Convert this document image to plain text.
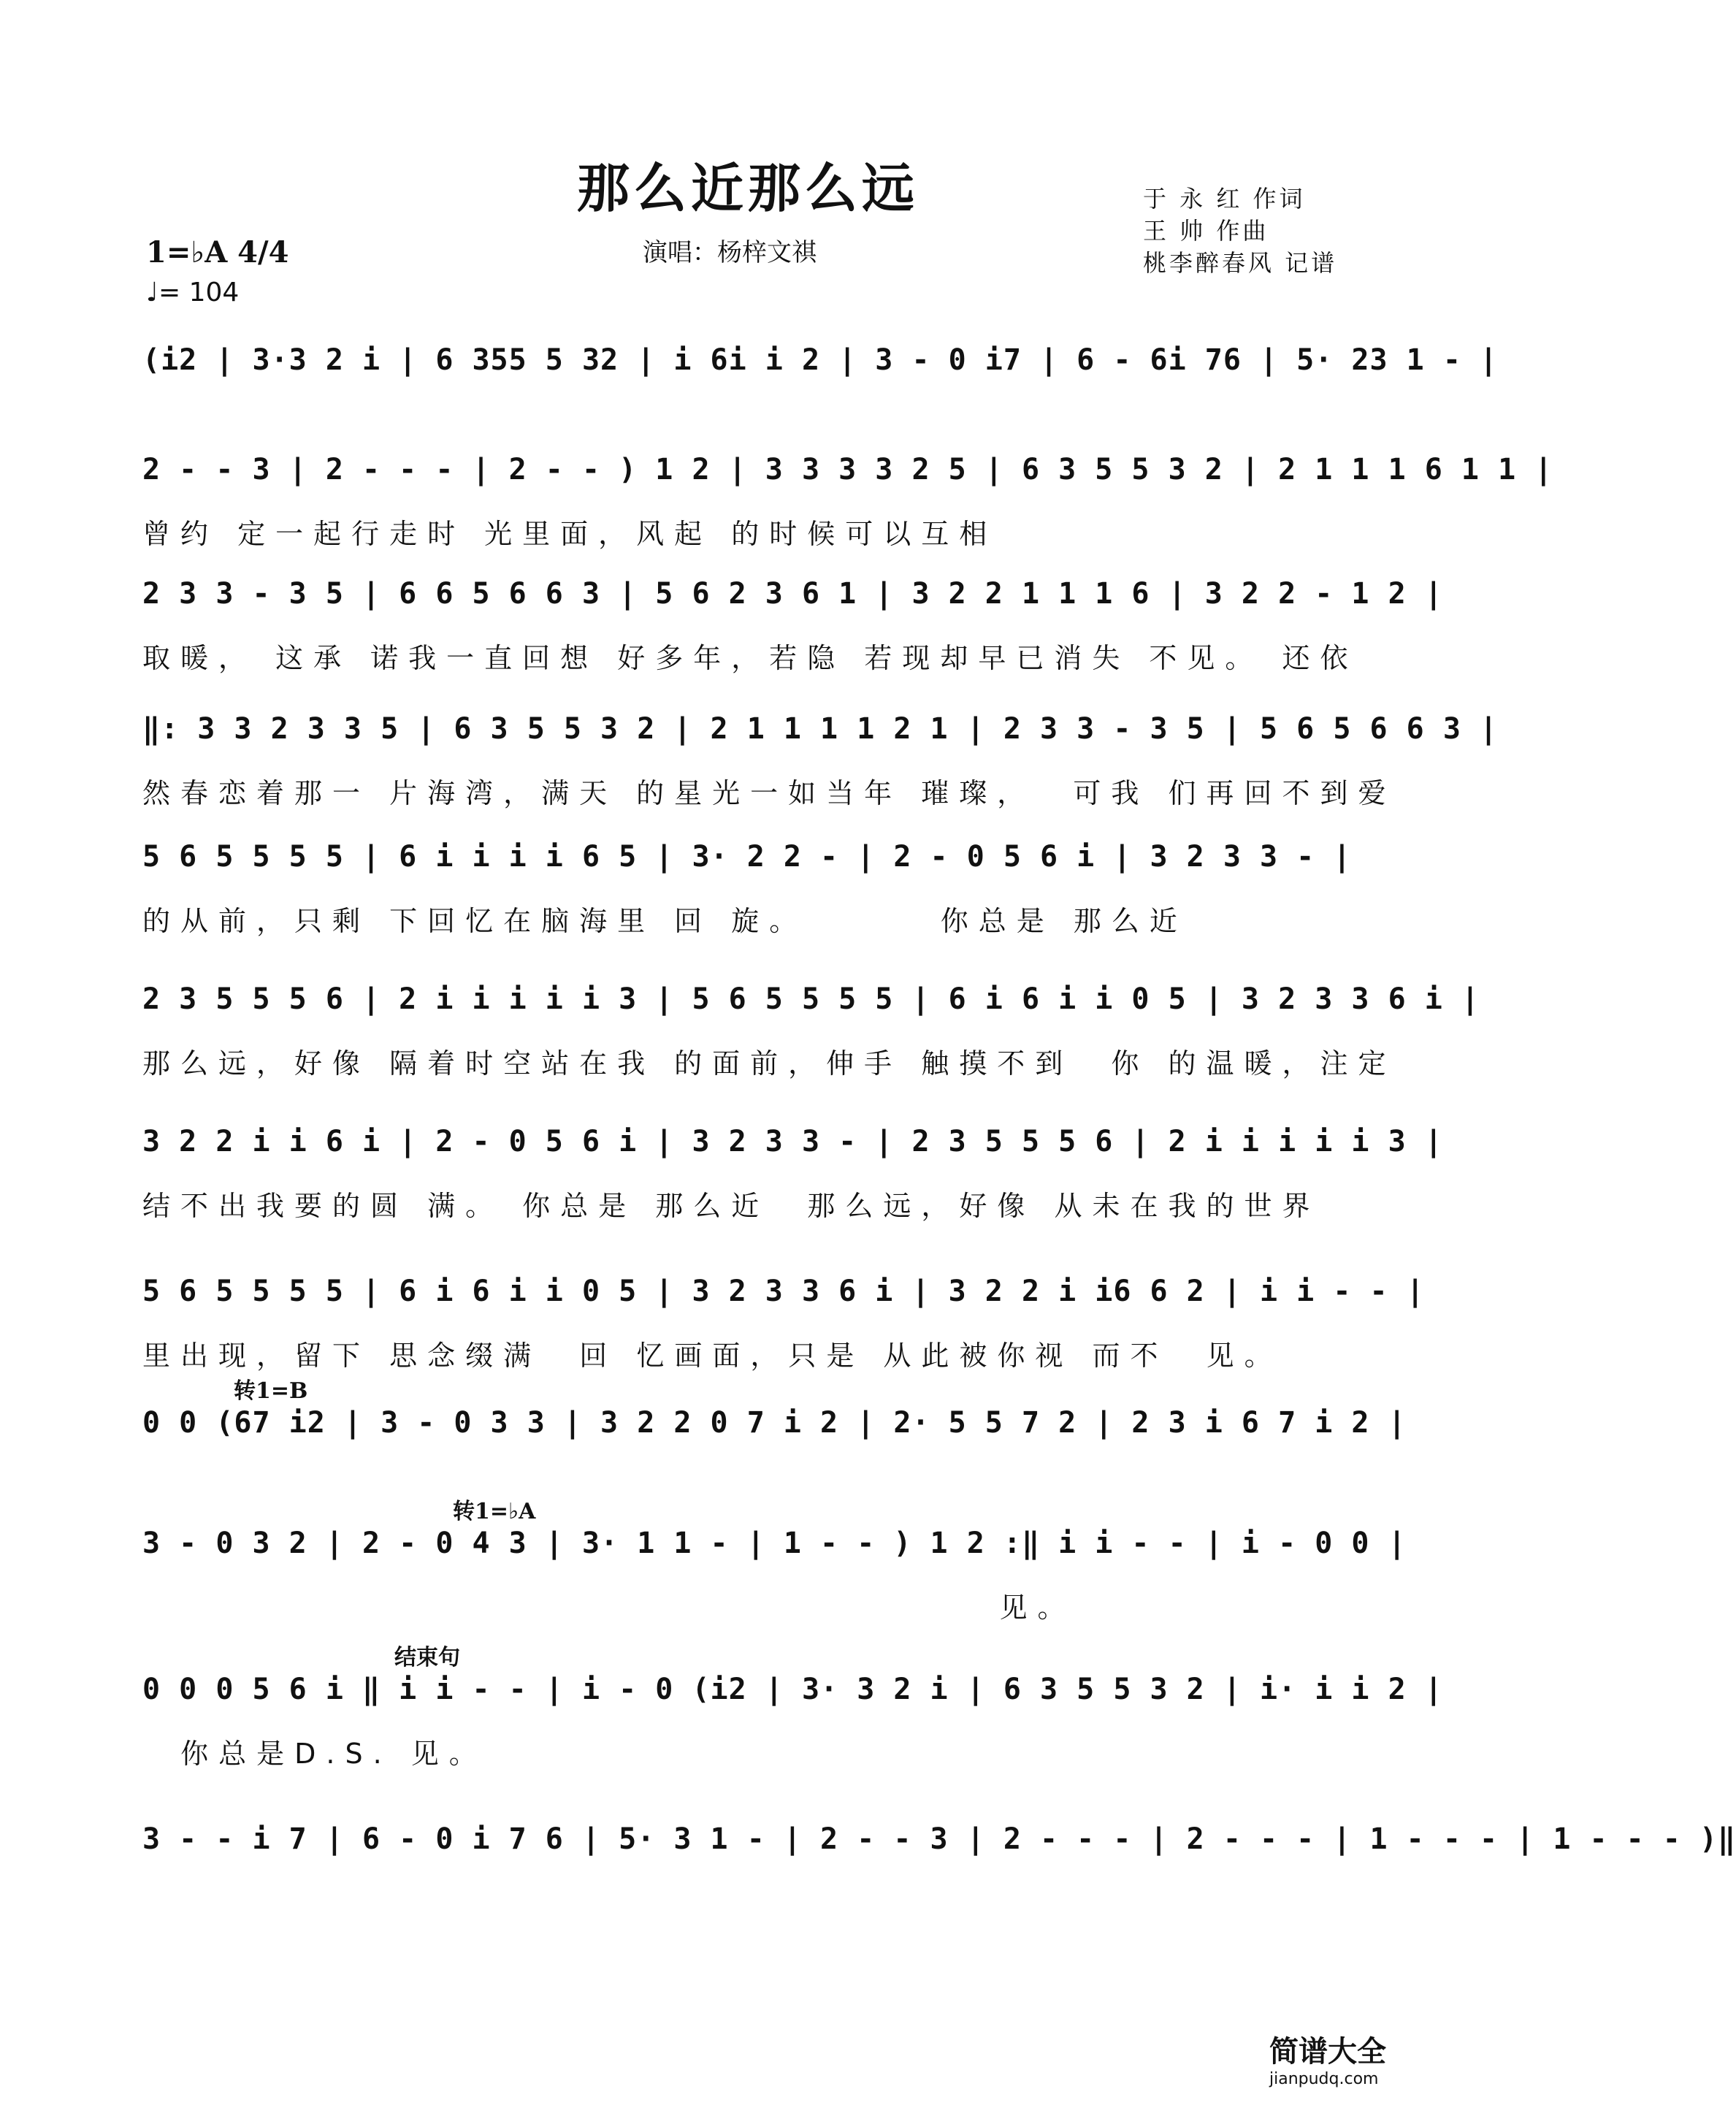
那么近那么远
演唱：杨梓文祺
于 永 红 作词
王 帅 作曲
桃李醉春风 记谱
1=♭A 4/4
♩= 104
(i2 | 3·3 2 i | 6 355 5 32 | i 6i i 2 | 3 - 0 i7 | 6 - 6i 76 | 5· 23 1 - |
2 - - 3 | 2 - - - | 2 - - ) 1 2 | 3 3 3 3 2 5 | 6 3 5 5 3 2 | 2 1 1 1 6 1 1 |
曾约 定一起行走时 光里面，风起 的时候可以互相
2 3 3 - 3 5 | 6 6 5 6 6 3 | 5 6 2 3 6 1 | 3 2 2 1 1 1 6 | 3 2 2 - 1 2 |
取暖， 这承 诺我一直回想 好多年，若隐 若现却早已消失 不见。 还依
‖: 3 3 2 3 3 5 | 6 3 5 5 3 2 | 2 1 1 1 1 2 1 | 2 3 3 - 3 5 | 5 6 5 6 6 3 |
然春恋着那一 片海湾，满天 的星光一如当年 璀璨，  可我 们再回不到爱
5 6 5 5 5 5 | 6 i i i i 6 5 | 3· 2 2 - | 2 - 0 5 6 i | 3 2 3 3 - |
的从前，只剩 下回忆在脑海里 回 旋。       你总是 那么近
2 3 5 5 5 6 | 2 i i i i i 3 | 5 6 5 5 5 5 | 6 i 6 i i 0 5 | 3 2 3 3 6 i |
那么远，好像 隔着时空站在我 的面前，伸手 触摸不到  你 的温暖，注定
3 2 2 i i 6 i | 2 - 0 5 6 i | 3 2 3 3 - | 2 3 5 5 5 6 | 2 i i i i i 3 |
结不出我要的圆 满。 你总是 那么近  那么远，好像 从未在我的世界
5 6 5 5 5 5 | 6 i 6 i i 0 5 | 3 2 3 3 6 i | 3 2 2 i i6 6 2 | i i - - |
里出现，留下 思念缀满  回 忆画面，只是 从此被你视 而不  见。
转1=B
0 0 (67 i2 | 3 - 0 3 3 | 3 2 2 0 7 i 2 | 2· 5 5 7 2 | 2 3 i 6 7 i 2 |
转1=♭A
3 - 0 3 2 | 2 - 0 4 3 | 3· 1 1 - | 1 - - ) 1 2 :‖ i i - - | i - 0 0 |
见。
结束句
0 0 0 5 6 i ‖ i i - - | i - 0 (i2 | 3· 3 2 i | 6 3 5 5 3 2 | i· i i 2 |
你总是D.S. 见。
3 - - i 7 | 6 - 0 i 7 6 | 5· 3 1 - | 2 - - 3 | 2 - - - | 2 - - - | 1 - - - | 1 - - - )‖
简谱大全
jianpudq.com
